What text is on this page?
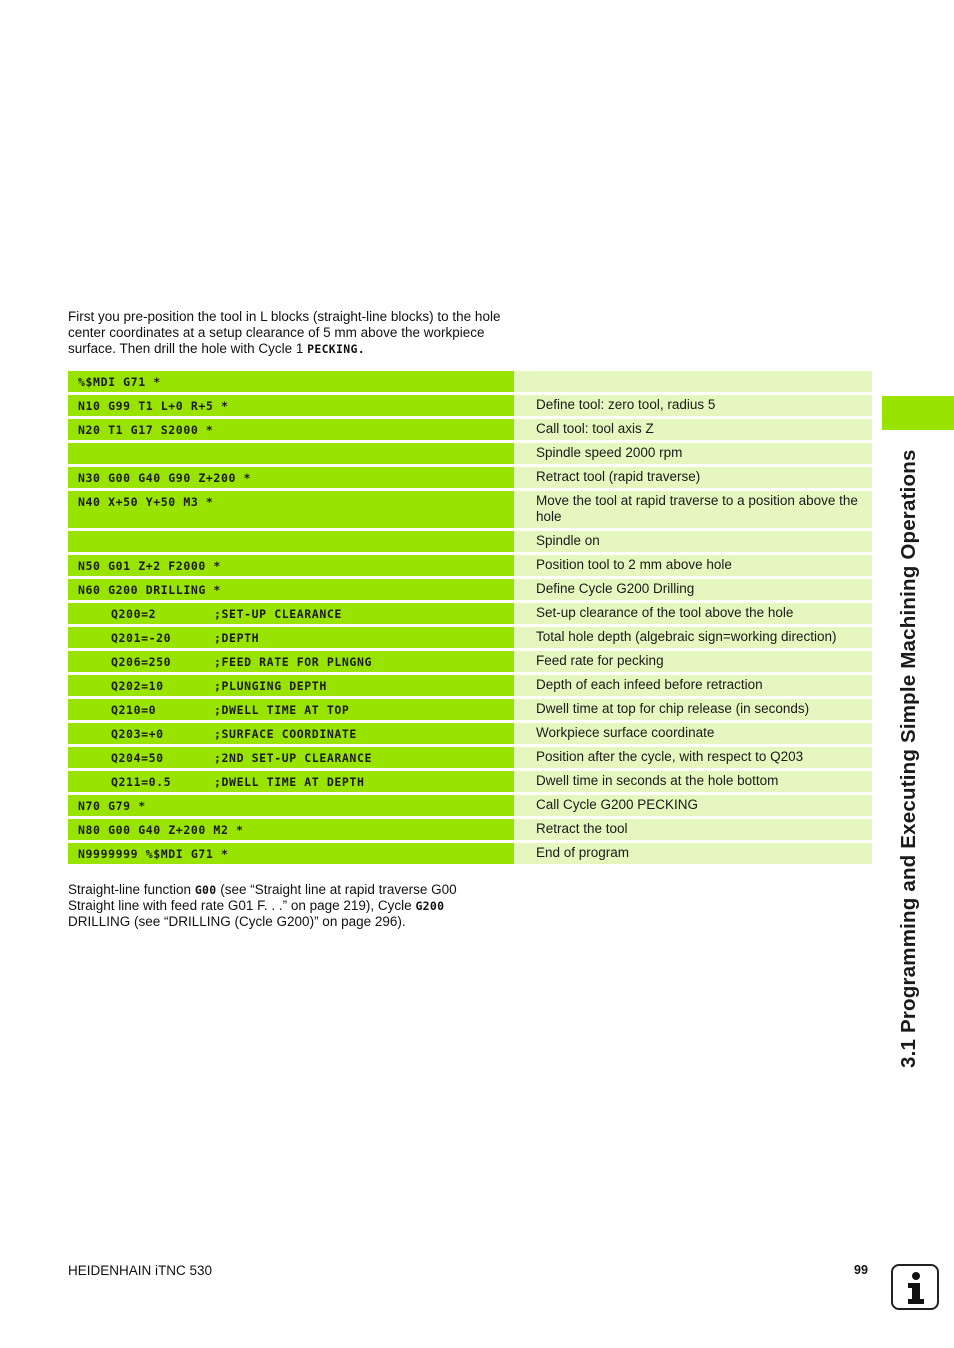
First you pre-position the tool in L blocks (straight-line blocks) to the hole center coordinates at a setup clearance of 5 mm above the workpiece surface. Then drill the hole with Cycle 1 PECKING.
%$MDI G71 *
N10 G99 T1 L+0 R+5 *	Define tool: zero tool, radius 5
N20 T1 G17 S2000 *	Call tool: tool axis Z
Spindle speed 2000 rpm
N30 G00 G40 G90 Z+200 *	Retract tool (rapid traverse)
N40 X+50 Y+50 M3 *	Move the tool at rapid traverse to a position above the hole
Spindle on
N50 G01 Z+2 F2000 *	Position tool to 2 mm above hole
N60 G200 DRILLING *	Define Cycle G200 Drilling
Q200=2	;SET-UP CLEARANCE	Set-up clearance of the tool above the hole
Q201=-20	;DEPTH	Total hole depth (algebraic sign=working direction)
Q206=250	;FEED RATE FOR PLNGNG	Feed rate for pecking
Q202=10	;PLUNGING DEPTH	Depth of each infeed before retraction
Q210=0	;DWELL TIME AT TOP	Dwell time at top for chip release (in seconds)
Q203=+0	;SURFACE COORDINATE	Workpiece surface coordinate
Q204=50	;2ND SET-UP CLEARANCE	Position after the cycle, with respect to Q203
Q211=0.5	;DWELL TIME AT DEPTH	Dwell time in seconds at the hole bottom
N70 G79 *	Call Cycle G200 PECKING
N80 G00 G40 Z+200 M2 *	Retract the tool
N9999999 %$MDI G71 *	End of program
Straight-line function G00 (see “Straight line at rapid traverse G00 Straight line with feed rate G01 F. . .” on page 219), Cycle G200 DRILLING (see “DRILLING (Cycle G200)” on page 296).	3.1 Programming and Executing Simple Machining Operations
HEIDENHAIN iTNC 530	99
